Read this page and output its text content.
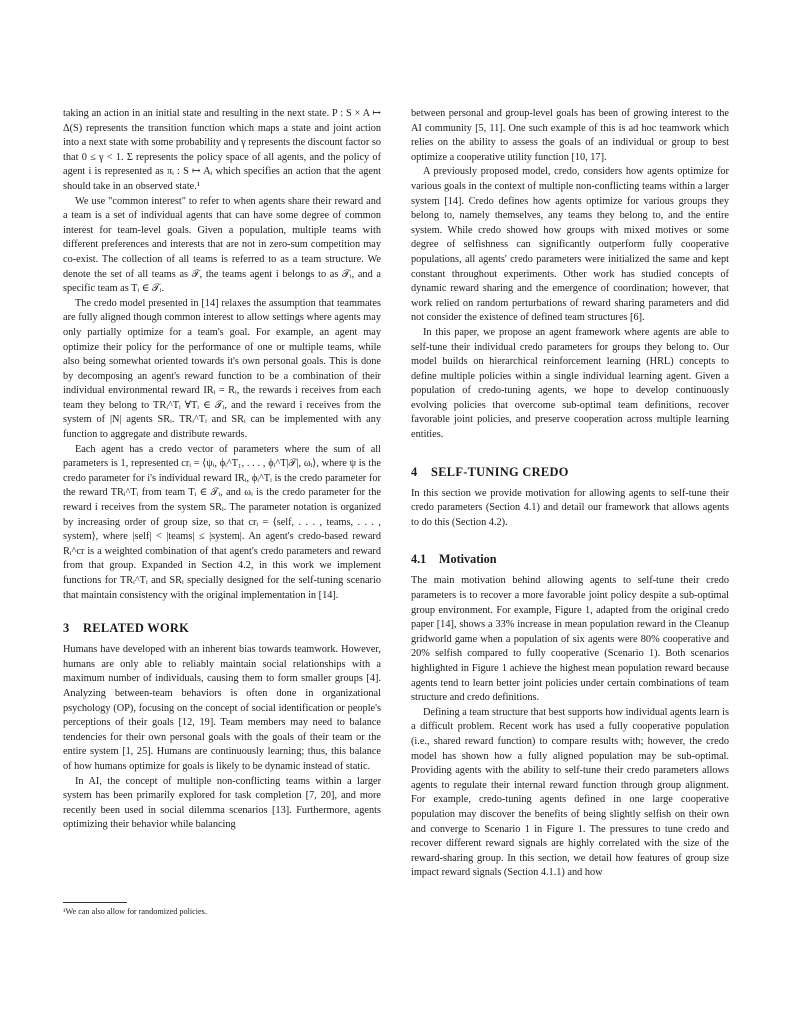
taking an action in an initial state and resulting in the next state. P : S × A ↦ Δ(S) represents the transition function which maps a state and joint action into a next state with some probability and γ represents the discount factor so that 0 ≤ γ < 1. Σ represents the policy space of all agents, and the policy of agent i is represented as πᵢ : S ↦ Aᵢ which specifies an action that the agent should take in an observed state.¹

We use "common interest" to refer to when agents share their reward and a team is a set of individual agents that can have some degree of common interest for team-level goals. Given a population, multiple teams with different preferences and interests that are not in zero-sum competition may co-exist. The collection of all teams is referred to as a team structure. We denote the set of all teams as 𝒯, the teams agent i belongs to as 𝒯ᵢ, and a specific team as Tᵢ ∈ 𝒯ᵢ.

The credo model presented in [14] relaxes the assumption that teammates are fully aligned though common interest to allow settings where agents may only partially optimize for a team's goal. For example, an agent may optimize their policy for the performance of one or multiple teams, while also being somewhat oriented towards it's own personal goals. This is done by decomposing an agent's reward function to be a combination of their individual environmental reward IRᵢ = Rᵢ, the rewards i receives from each team they belong to TRᵢ^Tᵢ ∀Tᵢ ∈ 𝒯ᵢ, and the reward i receives from the system of |N| agents SRᵢ. TRᵢ^Tᵢ and SRᵢ can be implemented with any function to aggregate and distribute rewards.

Each agent has a credo vector of parameters where the sum of all parameters is 1, represented crᵢ = ⟨ψᵢ, ϕᵢ^T₁, . . . , ϕᵢ^T|𝒯|, ωᵢ⟩, where ψ is the credo parameter for i's individual reward IRᵢ, ϕᵢ^Tᵢ is the credo parameter for the reward TRᵢ^Tᵢ from team Tᵢ ∈ 𝒯ᵢ, and ωᵢ is the credo parameter for the reward i receives from the system SRᵢ. The parameter notation is organized by increasing order of group size, so that crᵢ = ⟨self, . . . , teams, . . . , system⟩, where |self| < |teams| ≤ |system|. An agent's credo-based reward Rᵢ^cr is a weighted combination of that agent's credo parameters and reward from that group. Expanded in Section 4.2, in this work we implement functions for TRᵢ^Tᵢ and SRᵢ specially designed for the self-tuning scenario that maintain consistency with the original implementation in [14].

3 RELATED WORK

Humans have developed with an inherent bias towards teamwork. However, humans are only able to reliably maintain social relationships with a maximum number of individuals, causing them to form smaller groups [4]. Analyzing between-team behaviors is often done in organizational psychology (OP), focusing on the concept of social identification or people's perceptions of their goals [12, 19]. Team members may need to balance tendencies for their own personal goals with the goals of their team or the entire system [1, 25]. Humans are continuously learning; thus, this balance of how humans optimize for goals is likely to be dynamic instead of static.

In AI, the concept of multiple non-conflicting teams within a larger system has been primarily explored for task completion [7, 20], and more recently been used in social dilemma scenarios [13]. Furthermore, agents optimizing their behavior while balancing

¹We can also allow for randomized policies.

between personal and group-level goals has been of growing interest to the AI community [5, 11]. One such example of this is ad hoc teamwork which relies on the ability to assess the goals of an individual or group to best optimize a cooperative utility function [10, 17].

A previously proposed model, credo, considers how agents optimize for various goals in the context of multiple non-conflicting teams within a larger system [14]. Credo defines how agents optimize for various groups they belong to, namely themselves, any teams they belong to, and the entire system. While credo showed how groups with mixed motives or some degree of selfishness can significantly outperform fully cooperative populations, all agents' credo parameters were initialized the same and kept constant throughout experiments. Other work has studied concepts of dynamic reward sharing and the emergence of coordination; however, that work relied on random perturbations of reward sharing parameters and did not consider the existence of defined team structures [6].

In this paper, we propose an agent framework where agents are able to self-tune their individual credo parameters for groups they belong to. Our model builds on hierarchical reinforcement learning (HRL) concepts to define multiple policies within a single individual learning agent. Given a population of credo-tuning agents, we hope to develop continuously evolving policies that overcome sub-optimal team definitions, recover favorable joint policies, and preserve cooperation across multiple learning entities.

4 SELF-TUNING CREDO

In this section we provide motivation for allowing agents to self-tune their credo parameters (Section 4.1) and detail our framework that allows agents to do this (Section 4.2).

4.1 Motivation

The main motivation behind allowing agents to self-tune their credo parameters is to recover a more favorable joint policy despite a sub-optimal group environment. For example, Figure 1, adapted from the original credo paper [14], shows a 33% increase in mean population reward in the Cleanup gridworld game when a population of six agents were 80% cooperative and 20% selfish compared to fully cooperative (Scenario 1). Both scenarios highlighted in Figure 1 achieve the highest mean population reward because agents tend to learn better joint policies under certain combinations of team structure and credo definitions.

Defining a team structure that best supports how individual agents learn is a difficult problem. Recent work has used a fully cooperative population (i.e., shared reward function) to compare results with; however, the credo model has shown how a fully aligned population may be sub-optimal. Providing agents with the ability to self-tune their credo parameters allows agents to regulate their internal reward function through group alignment. For example, credo-tuning agents defined in one large cooperative population may discover the benefits of being slightly selfish on their own and converge to Scenario 1 in Figure 1. The pressures to tune credo and recover different reward signals are highly correlated with the size of the reward-sharing group. In this section, we detail how features of group size impact reward signals (Section 4.1.1) and how
